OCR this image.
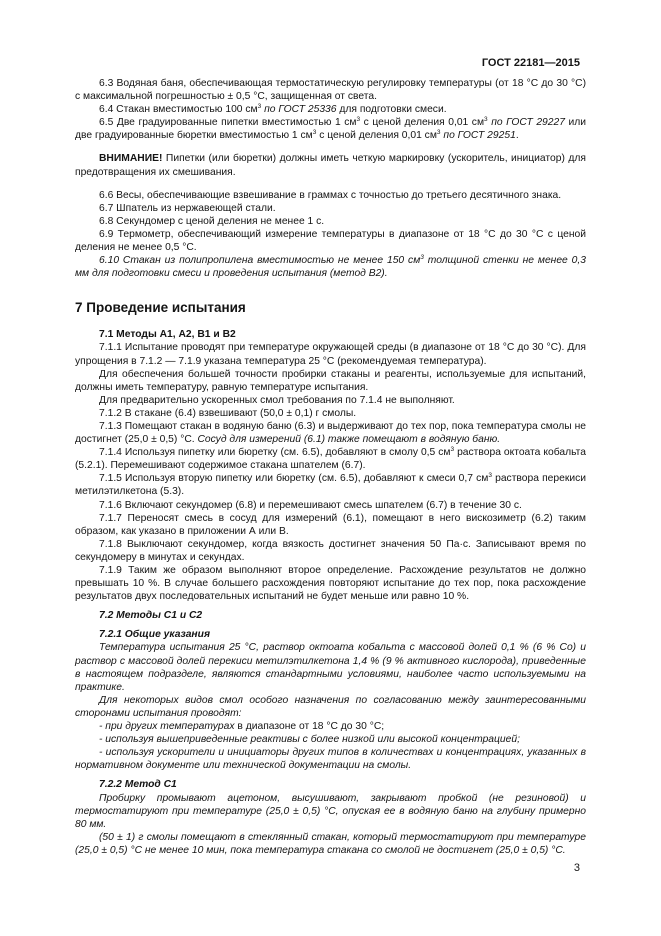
ГОСТ 22181—2015

6.3 Водяная баня, обеспечивающая термостатическую регулировку температуры (от 18 °С до 30 °С) с максимальной погрешностью ± 0,5 °С, защищенная от света.

6.4 Стакан вместимостью 100 $см^3$ по ГОСТ 25336 для подготовки смеси.

6.5 Две градуированные пипетки вместимостью 1 $см^3$ с ценой деления 0,01 $см^3$ по ГОСТ 29227 или две градуированные бюретки вместимостью 1 $см^3$ с ценой деления 0,01 $см^3$ по ГОСТ 29251.

ВНИМАНИЕ! Пипетки (или бюретки) должны иметь четкую маркировку (ускоритель, инициатор) для предотвращения их смешивания.

6.6 Весы, обеспечивающие взвешивание в граммах с точностью до третьего десятичного знака.

6.7 Шпатель из нержавеющей стали.

6.8 Секундомер с ценой деления не менее 1 с.

6.9 Термометр, обеспечивающий измерение температуры в диапазоне от 18 °С до 30 °С с ценой деления не менее 0,5 °С.

6.10 Стакан из полипропилена вместимостью не менее 150 $см^3$ толщиной стенки не менее 0,3 мм для подготовки смеси и проведения испытания (метод В2).

7 Проведение испытания

7.1 Методы А1, А2, В1 и В2

7.1.1 Испытание проводят при температуре окружающей среды (в диапазоне от 18 °С до 30 °С). Для упрощения в 7.1.2 — 7.1.9 указана температура 25 °С (рекомендуемая температура).

Для обеспечения большей точности пробирки стаканы и реагенты, используемые для испытаний, должны иметь температуру, равную температуре испытания.

Для предварительно ускоренных смол требования по 7.1.4 не выполняют.

7.1.2 В стакане (6.4) взвешивают (50,0 ± 0,1) г смолы.

7.1.3 Помещают стакан в водяную баню (6.3) и выдерживают до тех пор, пока температура смолы не достигнет (25,0 ± 0,5) °С. Сосуд для измерений (6.1) также помещают в водяную баню.

7.1.4 Используя пипетку или бюретку (см. 6.5), добавляют в смолу 0,5 $см^3$ раствора октоата кобальта (5.2.1). Перемешивают содержимое стакана шпателем (6.7).

7.1.5 Используя вторую пипетку или бюретку (см. 6.5), добавляют к смеси 0,7 $см^3$ раствора перекиси метилэтилкетона (5.3).

7.1.6 Включают секундомер (6.8) и перемешивают смесь шпателем (6.7) в течение 30 с.

7.1.7 Переносят смесь в сосуд для измерений (6.1), помещают в него вискозиметр (6.2) таким образом, как указано в приложении А или В.

7.1.8 Выключают секундомер, когда вязкость достигнет значения 50 Па·с. Записывают время по секундомеру в минутах и секундах.

7.1.9 Таким же образом выполняют второе определение. Расхождение результатов не должно превышать 10 %. В случае большего расхождения повторяют испытание до тех пор, пока расхождение результатов двух последовательных испытаний не будет меньше или равно 10 %.

7.2 Методы С1 и С2

7.2.1 Общие указания

Температура испытания 25 °С, раствор октоата кобальта с массовой долей 0,1 % (6 % Со) и раствор с массовой долей перекиси метилэтилкетона 1,4 % (9 % активного кислорода), приведенные в настоящем подразделе, являются стандартными условиями, наиболее часто используемыми на практике.

Для некоторых видов смол особого назначения по согласованию между заинтересованными сторонами испытания проводят:

- при других температурах в диапазоне от 18 °С до 30 °С;

- используя вышеприведенные реактивы с более низкой или высокой концентрацией;

- используя ускорители и инициаторы других типов в количествах и концентрациях, указанных в нормативном документе или технической документации на смолы.

7.2.2 Метод С1

Пробирку промывают ацетоном, высушивают, закрывают пробкой (не резиновой) и термостатируют при температуре (25,0 ± 0,5) °С, опуская ее в водяную баню на глубину примерно 80 мм.

(50 ± 1) г смолы помещают в стеклянный стакан, который термостатируют при температуре (25,0 ± 0,5) °С не менее 10 мин, пока температура стакана со смолой не достигнет (25,0 ± 0,5) °С.

3
